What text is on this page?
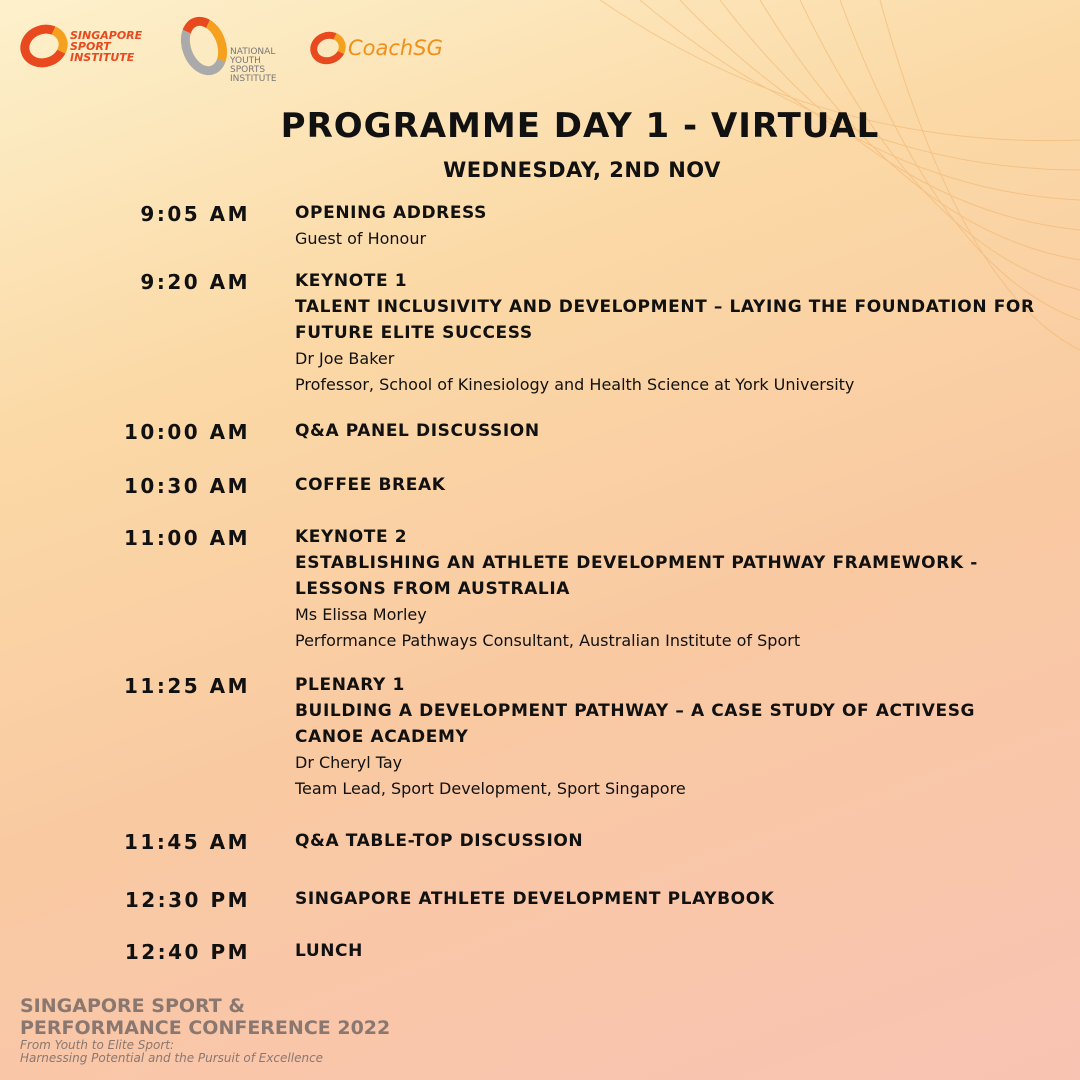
SINGAPORE
SPORT
INSTITUTE	NATIONAL
YOUTH
SPORTS
INSTITUTE
CoachSG
PROGRAMME DAY 1 - VIRTUAL
WEDNESDAY, 2ND NOV
9:05 AM	OPENING ADDRESS
Guest of Honour
9:20 AM	KEYNOTE 1
TALENT INCLUSIVITY AND DEVELOPMENT – LAYING THE FOUNDATION FOR
FUTURE ELITE SUCCESS
Dr Joe Baker
Professor, School of Kinesiology and Health Science at York University
10:00 AM	Q&A PANEL DISCUSSION
10:30 AM	COFFEE BREAK
11:00 AM	KEYNOTE 2
ESTABLISHING AN ATHLETE DEVELOPMENT PATHWAY FRAMEWORK -
LESSONS FROM AUSTRALIA
Ms Elissa Morley
Performance Pathways Consultant, Australian Institute of Sport
11:25 AM	PLENARY 1
BUILDING A DEVELOPMENT PATHWAY – A CASE STUDY OF ACTIVESG
CANOE ACADEMY
Dr Cheryl Tay
Team Lead, Sport Development, Sport Singapore
11:45 AM	Q&A TABLE-TOP DISCUSSION
12:30 PM	SINGAPORE ATHLETE DEVELOPMENT PLAYBOOK
12:40 PM	LUNCH
SINGAPORE SPORT &
PERFORMANCE CONFERENCE 2022
From Youth to Elite Sport:
Harnessing Potential and the Pursuit of Excellence
